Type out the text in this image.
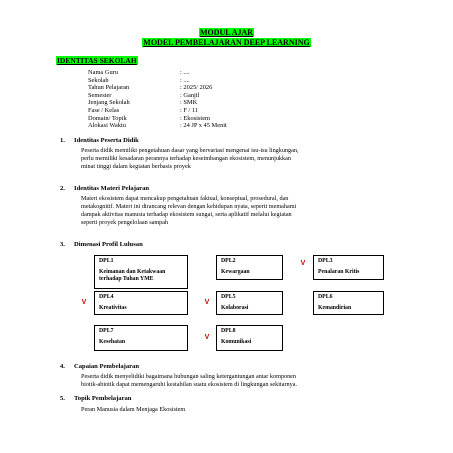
MODUL AJAR
MODEL PEMBELAJARAN DEEP LEARNING
IDENTITAS SEKOLAH
Nama Guru	: ....
Sekolah	: ....
Tahun Pelajaran	: 2025/ 2026
Semester	: Ganjil
Jenjang Sekolah	: SMK
Fase / Kelas	: F / 11
Domain/ Topik	: Ekosistem
Alokasi Waktu	: 24 JP x 45 Menit
1. Identitas Peserta Didik
Peserta didik memiliki pengetahuan dasar yang bervariasi mengenai isu-isu lingkungan,
perlu memiliki kesadaran perannya terhadap keseimbangan ekosistem, menunjukkan
minat tinggi dalam kegiatan berbasis proyek
2. Identitas Materi Pelajaran
Materi ekosistem dapat mencakup pengetahuan faktual, konseptual, prosedural, dan
metakognitif. Materi ini dirancang relevan dengan kehidupan nyata, seperti memahami
dampak aktivitas manusia terhadap ekosistem sungai, serta aplikatif melalui kegiatan
seperti proyek pengelolaan sampah
3. Dimenasi Profil Lulusan
DPL1
Keimanan dan Ketakwaan terhadap Tuhan YME
DPL2
Kewargaan
V	DPL3
Penalaran Kritis
V
DPL4
Kreativitas
V
DPL5
Kolaborasi
DPL6
Kemandirian
DPL7
Kesehatan
V
DPL8
Komunikasi
4. Capaian Pembelajaran
Peserta didik menyelidiki bagaimana hubungan saling ketergantungan antar komponen
biotik-abiotik dapat memengaruhi kestabilan suatu ekosistem di lingkungan sekitarnya.
5. Topik Pembelajaran
Peran Manusia dalam Menjaga Ekosistem
